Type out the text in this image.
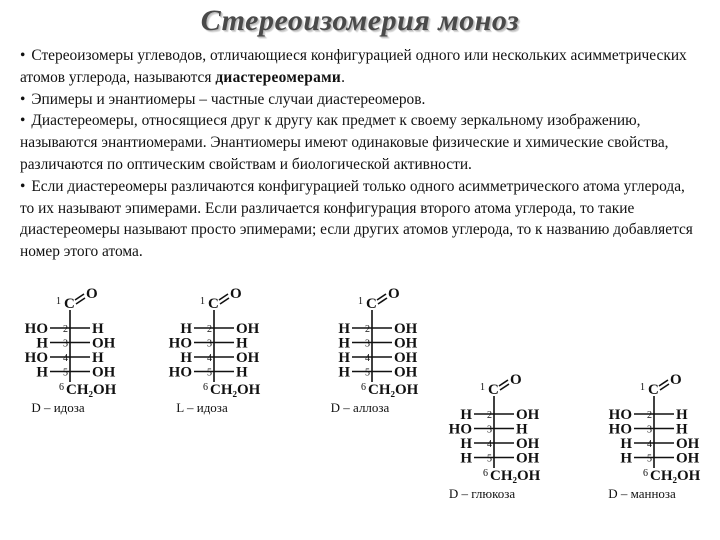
Стереоизомерия моноз

• Стереоизомеры углеводов, отличающиеся конфигурацией одного или нескольких асимметрических атомов углерода, называются диастереомерами.

• Эпимеры и энантиомеры – частные случаи диастереомеров.

• Диастереомеры, относящиеся друг к другу как предмет к своему зеркальному изображению, называются энантиомерами. Энантиомеры имеют одинаковые физические и химические свойства, различаются по оптическим свойствам и биологической активности.

• Если диастереомеры различаются конфигурацией только одного асимметрического атома углерода, то их называют эпимерами. Если различается конфигурация второго атома углерода, то такие диастереомеры называют просто эпимерами; если других атомов углерода, то к названию добавляется номер этого атома.

1 C
O
HO	H
2
H	OH
3
HO	H
4
H	OH
5
6 CH₂OH
D – идоза
1 C
O
H	OH
2
HO	H
3
H	OH
4
HO	H
5
6 CH₂OH
L – идоза
1 C
O
H	OH
2
H	OH
3
H	OH
4
H	OH
5
6 CH₂OH
D – аллоза
1 C
O
H	OH
2
HO	H
3
H	OH
4
H	OH
5
6 CH₂OH
D – глюкоза
1 C
O
HO	H
2
HO	H
3
H	OH
4
H	OH
5
6 CH₂OH
D – манноза
